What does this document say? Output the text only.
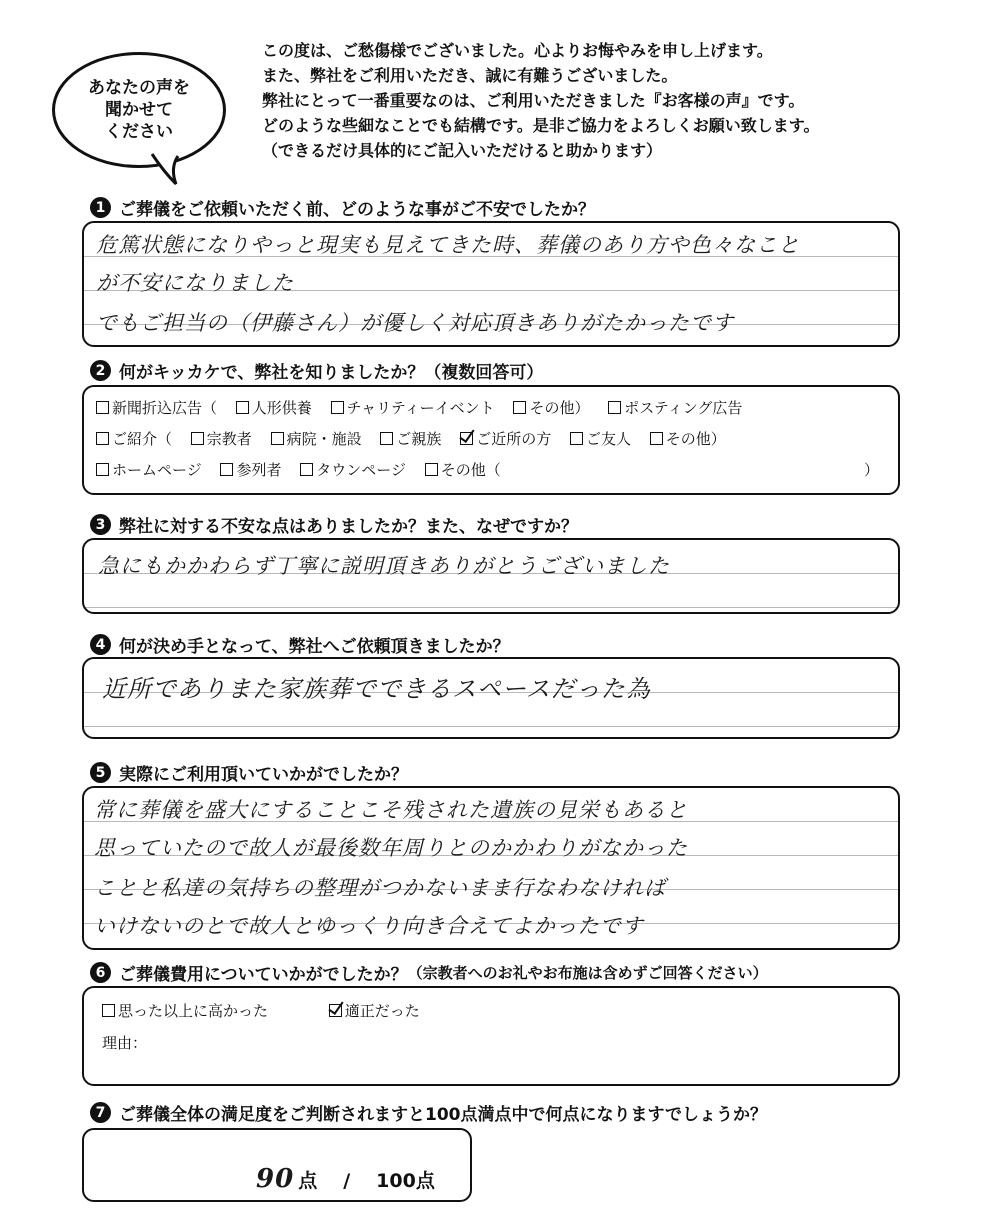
あなたの声を
聞かせて
ください
この度は、ご愁傷様でございました。心よりお悔やみを申し上げます。
また、弊社をご利用いただき、誠に有難うございました。
弊社にとって一番重要なのは、ご利用いただきました『お客様の声』です。
どのような些細なことでも結構です。是非ご協力をよろしくお願い致します。
（できるだけ具体的にご記入いただけると助かります）
1 ご葬儀をご依頼いただく前、どのような事がご不安でしたか？
危篤状態になりやっと現実も見えてきた時、葬儀のあり方や色々なこと
が不安になりました
でもご担当の（伊藤さん）が優しく対応頂きありがたかったです
2 何がキッカケで、弊社を知りましたか？（複数回答可）
新聞折込広告（ 人形供養 チャリティーイベント その他） ポスティング広告
ご紹介（ 宗教者 病院・施設 ご親族 ご近所の方 ご友人 その他）
ホームページ 参列者 タウンページ その他（	）
3 弊社に対する不安な点はありましたか？また、なぜですか？
急にもかかわらず丁寧に説明頂きありがとうございました
4 何が決め手となって、弊社へご依頼頂きましたか？
近所でありまた家族葬でできるスペースだった為
5 実際にご利用頂いていかがでしたか？
常に葬儀を盛大にすることこそ残された遺族の見栄もあると
思っていたので故人が最後数年周りとのかかわりがなかった
ことと私達の気持ちの整理がつかないまま行なわなければ
いけないのとで故人とゆっくり向き合えてよかったです
6 ご葬儀費用についていかがでしたか？ （宗教者へのお礼やお布施は含めずご回答ください）
思った以上に高かった	適正だった
理由：
7 ご葬儀全体の満足度をご判断されますと100点満点中で何点になりますでしょうか？
90 点 / 100点
